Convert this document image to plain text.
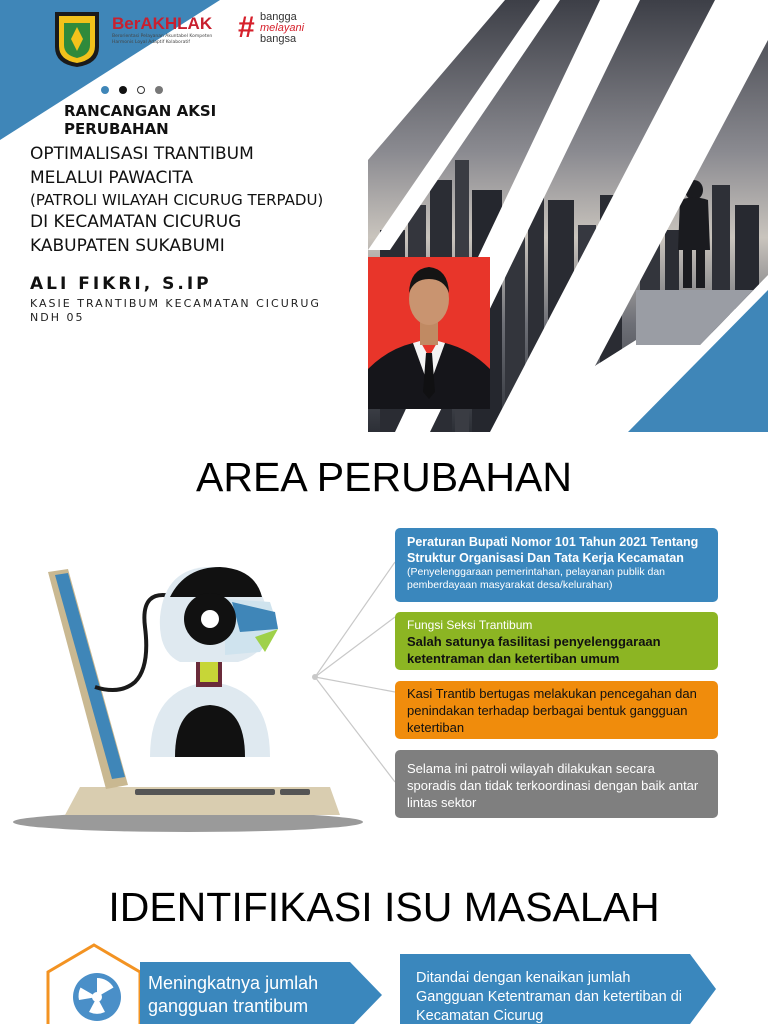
BerAKHLAK
Berorientasi Pelayanan Akuntabel Kompeten
Harmonis Loyal Adaptif Kolaboratif	# bangga
melayani
bangsa
RANCANGAN AKSI
PERUBAHAN
OPTIMALISASI TRANTIBUM
MELALUI PAWACITA
(PATROLI WILAYAH CICURUG TERPADU)
DI KECAMATAN CICURUG
KABUPATEN SUKABUMI
ALI FIKRI, S.IP
KASIE TRANTIBUM KECAMATAN CICURUG
NDH 05
AREA PERUBAHAN
Peraturan Bupati Nomor 101 Tahun 2021 Tentang Struktur Organisasi Dan Tata Kerja Kecamatan
(Penyelenggaraan pemerintahan, pelayanan publik dan pemberdayaan masyarakat desa/kelurahan)
Fungsi Seksi Trantibum
Salah satunya fasilitasi penyelenggaraan ketentraman dan ketertiban umum
Kasi Trantib bertugas melakukan pencegahan dan penindakan terhadap berbagai bentuk gangguan ketertiban
Selama ini patroli wilayah dilakukan secara sporadis dan tidak terkoordinasi dengan baik antar lintas sektor
IDENTIFIKASI ISU MASALAH
Meningkatnya jumlah gangguan trantibum
Ditandai dengan kenaikan jumlah Gangguan Ketentraman dan ketertiban di Kecamatan Cicurug
